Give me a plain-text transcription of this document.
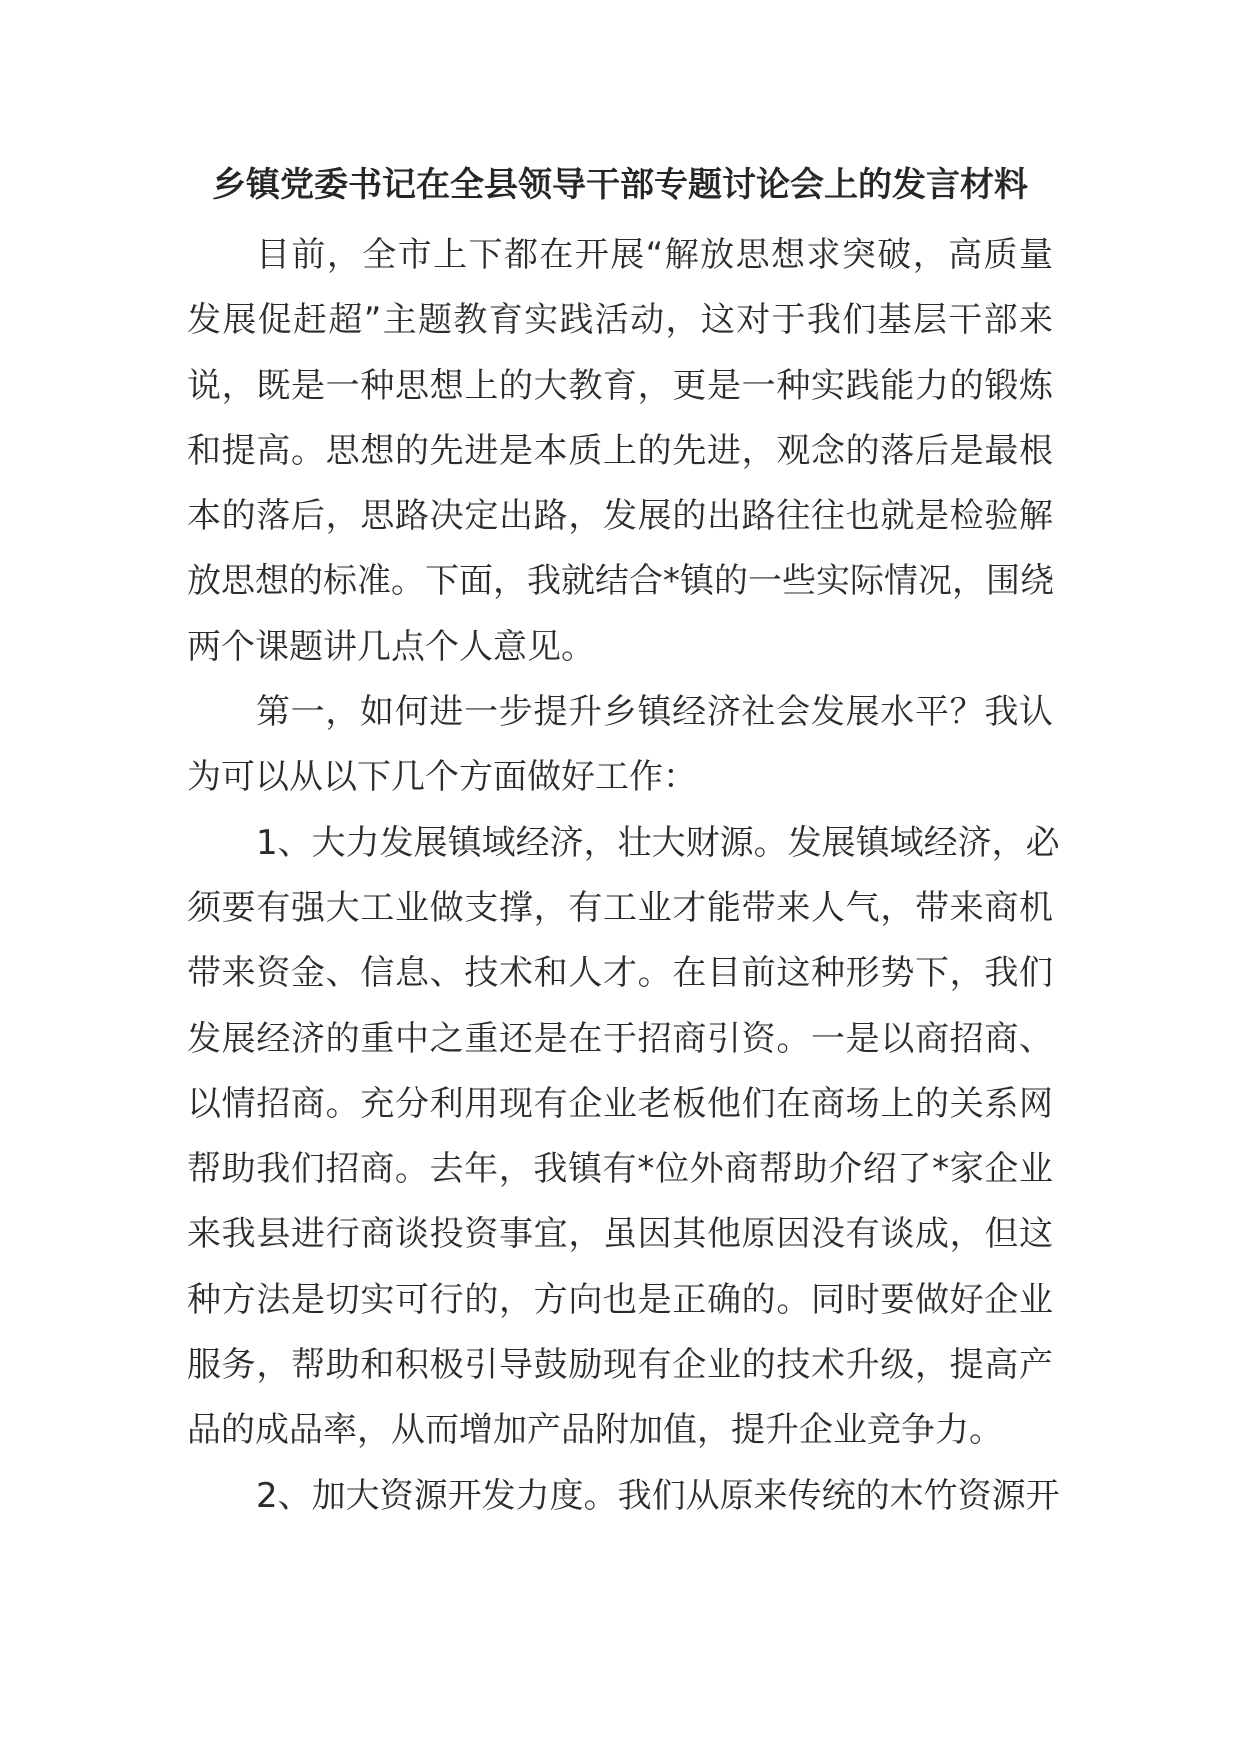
乡镇党委书记在全县领导干部专题讨论会上的发言材料
目前，全市上下都在开展“解放思想求突破，高质量
发展促赶超”主题教育实践活动，这对于我们基层干部来
说，既是一种思想上的大教育，更是一种实践能力的锻炼
和提高。思想的先进是本质上的先进，观念的落后是最根
本的落后，思路决定出路，发展的出路往往也就是检验解
放思想的标准。下面，我就结合*镇的一些实际情况，围绕
两个课题讲几点个人意见。
第一，如何进一步提升乡镇经济社会发展水平？我认
为可以从以下几个方面做好工作：
1、大力发展镇域经济，壮大财源。发展镇域经济，必
须要有强大工业做支撑，有工业才能带来人气，带来商机
带来资金、信息、技术和人才。在目前这种形势下，我们
发展经济的重中之重还是在于招商引资。一是以商招商、
以情招商。充分利用现有企业老板他们在商场上的关系网
帮助我们招商。去年，我镇有*位外商帮助介绍了*家企业
来我县进行商谈投资事宜，虽因其他原因没有谈成，但这
种方法是切实可行的，方向也是正确的。同时要做好企业
服务，帮助和积极引导鼓励现有企业的技术升级，提高产
品的成品率，从而增加产品附加值，提升企业竞争力。
2、加大资源开发力度。我们从原来传统的木竹资源开
